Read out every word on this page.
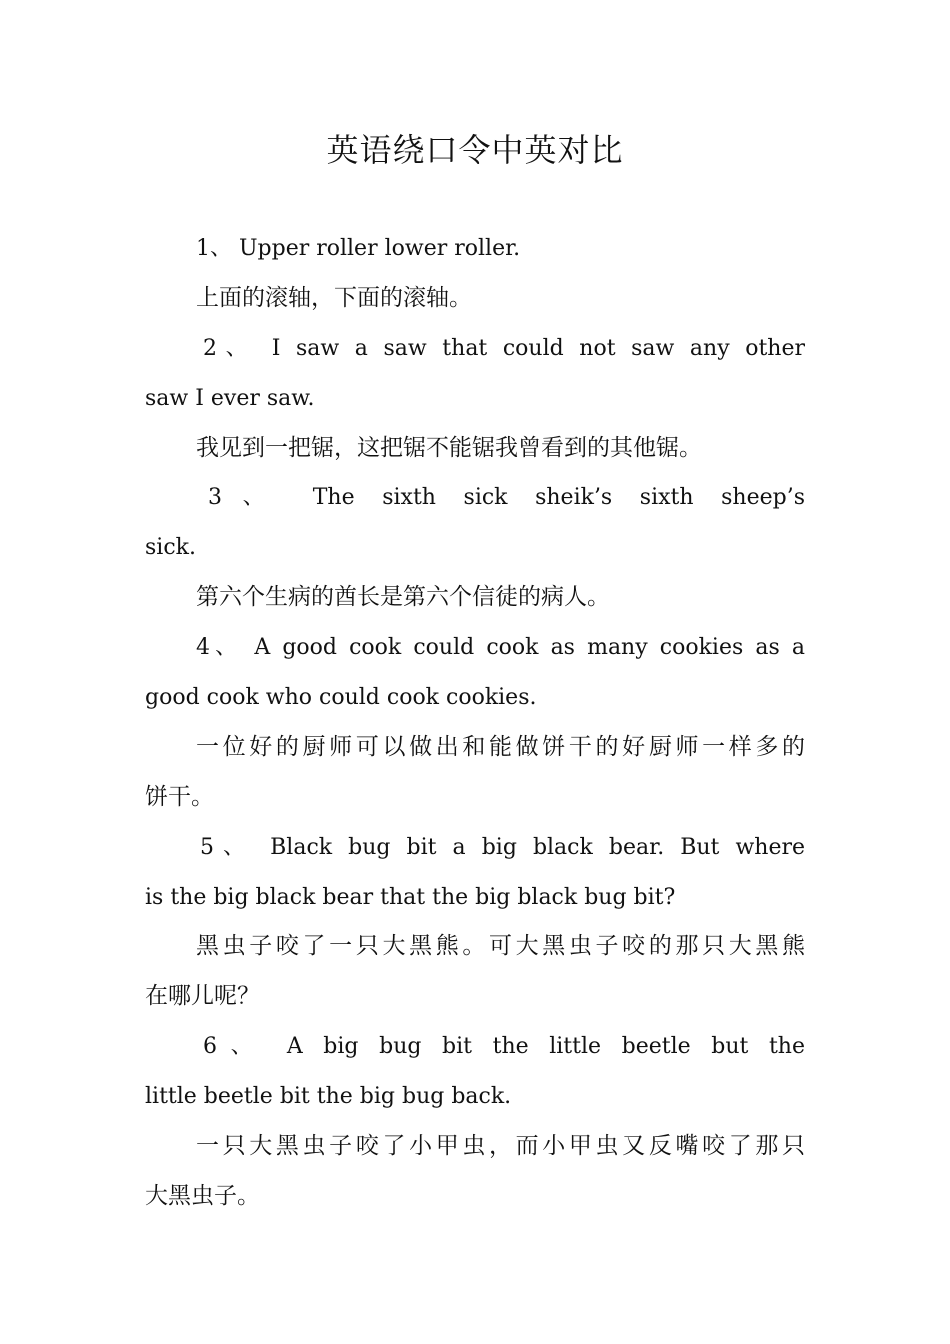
英语绕口令中英对比
1、 Upper roller lower roller.
上面的滚轴，下面的滚轴。
2、 I saw a saw that could not saw any other
saw I ever saw.
我见到一把锯，这把锯不能锯我曾看到的其他锯。
3、 The sixth sick sheik’s sixth sheep’s
sick.
第六个生病的酋长是第六个信徒的病人。
4、 A good cook could cook as many cookies as a
good cook who could cook cookies.
一位好的厨师可以做出和能做饼干的好厨师一样多的
饼干。
5、 Black bug bit a big black bear. But where
is the big black bear that the big black bug bit?
黑虫子咬了一只大黑熊。可大黑虫子咬的那只大黑熊
在哪儿呢？
6、 A big bug bit the little beetle but the
little beetle bit the big bug back.
一只大黑虫子咬了小甲虫，而小甲虫又反嘴咬了那只
大黑虫子。
